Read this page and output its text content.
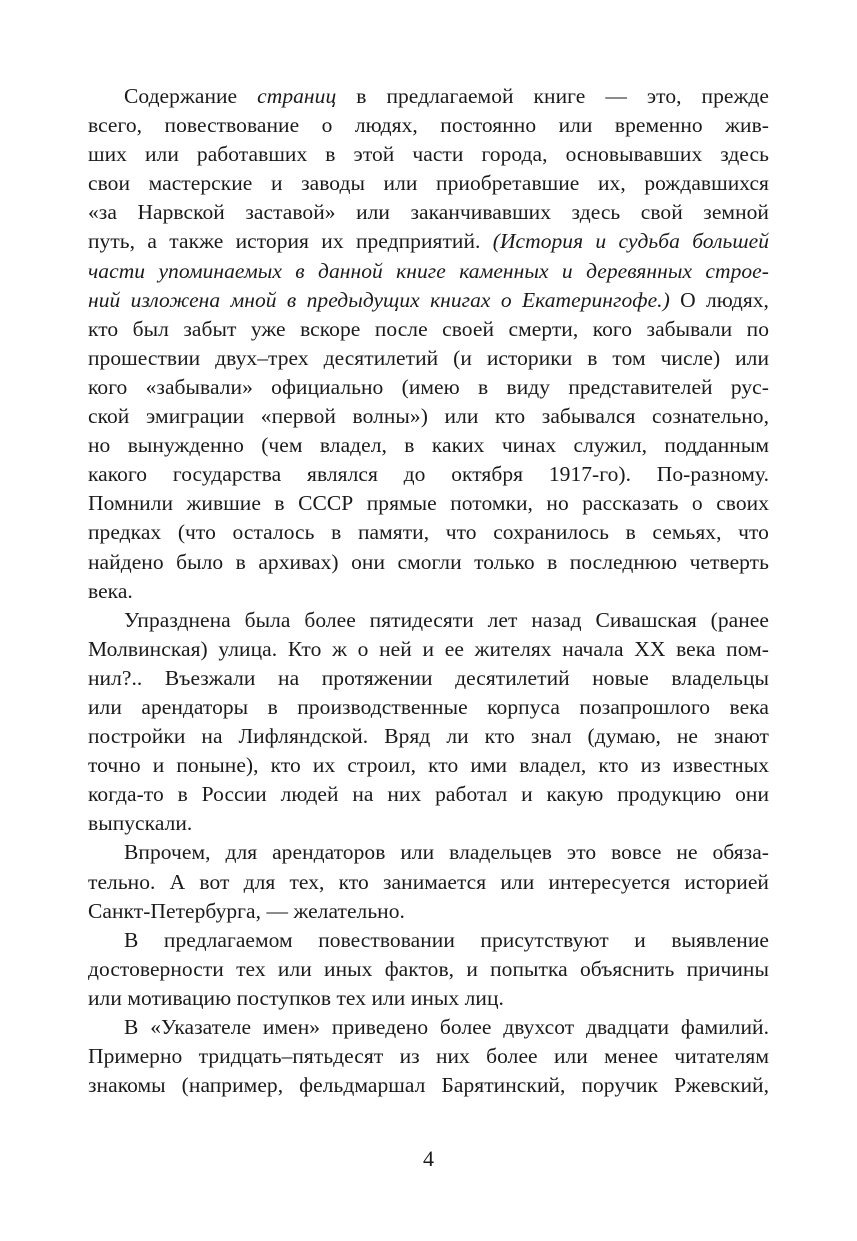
Содержание страниц в предлагаемой книге — это, прежде
всего, повествование о людях, постоянно или временно жив-
ших или работавших в этой части города, основывавших здесь
свои мастерские и заводы или приобретавшие их, рождавшихся
«за Нарвской заставой» или заканчивавших здесь свой земной
путь, а также история их предприятий. (История и судьба большей
части упоминаемых в данной книге каменных и деревянных строе-
ний изложена мной в предыдущих книгах о Екатерингофе.) О людях,
кто был забыт уже вскоре после своей смерти, кого забывали по
прошествии двух–трех десятилетий (и историки в том числе) или
кого «забывали» официально (имею в виду представителей рус-
ской эмиграции «первой волны») или кто забывался сознательно,
но вынужденно (чем владел, в каких чинах служил, подданным
какого государства являлся до октября 1917-го). По-разному.
Помнили жившие в СССР прямые потомки, но рассказать о своих
предках (что осталось в памяти, что сохранилось в семьях, что
найдено было в архивах) они смогли только в последнюю четверть
века.
Упразднена была более пятидесяти лет назад Сивашская (ранее
Молвинская) улица. Кто ж о ней и ее жителях начала XX века пом-
нил?.. Въезжали на протяжении десятилетий новые владельцы
или арендаторы в производственные корпуса позапрошлого века
постройки на Лифляндской. Вряд ли кто знал (думаю, не знают
точно и поныне), кто их строил, кто ими владел, кто из известных
когда-то в России людей на них работал и какую продукцию они
выпускали.
Впрочем, для арендаторов или владельцев это вовсе не обяза-
тельно. А вот для тех, кто занимается или интересуется историей
Санкт-Петербурга, — желательно.
В предлагаемом повествовании присутствуют и выявление
достоверности тех или иных фактов, и попытка объяснить причины
или мотивацию поступков тех или иных лиц.
В «Указателе имен» приведено более двухсот двадцати фамилий.
Примерно тридцать–пятьдесят из них более или менее читателям
знакомы (например, фельдмаршал Барятинский, поручик Ржевский,
4
